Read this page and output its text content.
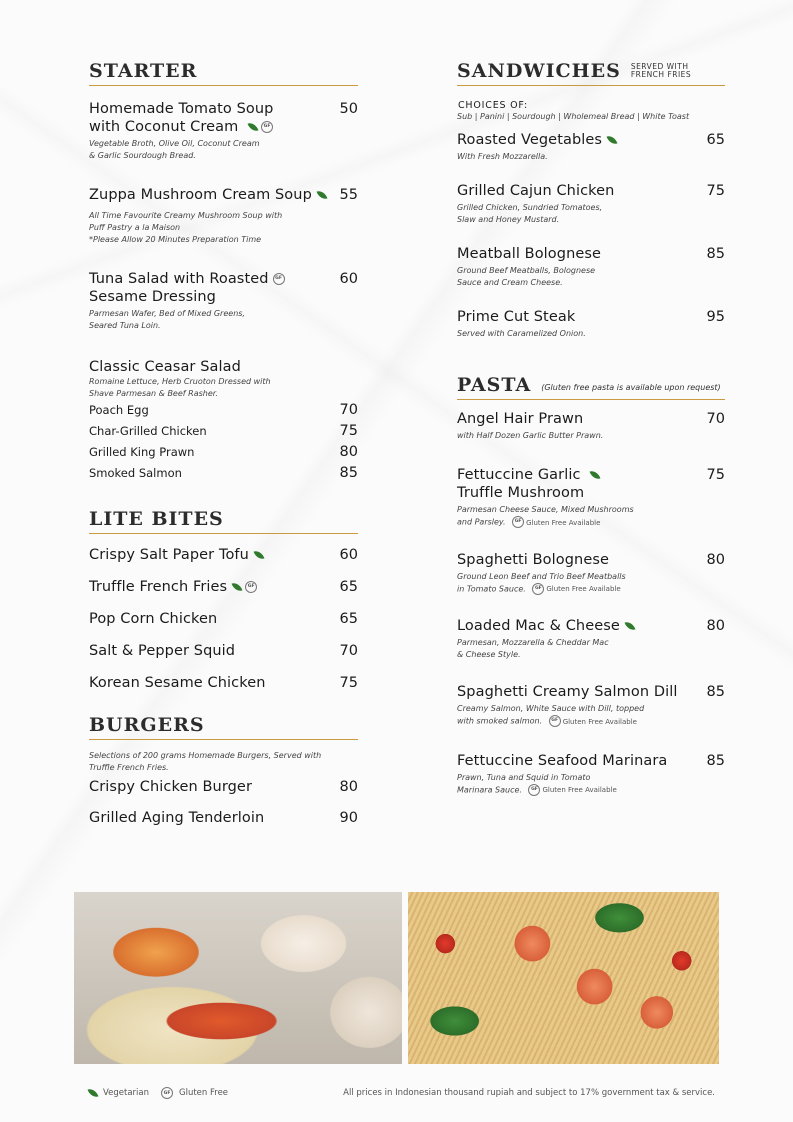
STARTER
Homemade Tomato Soup
with Coconut Cream	GF
50
Vegetable Broth, Olive Oil, Coconut Cream
& Garlic Sourdough Bread.
Zuppa Mushroom Cream Soup	55
All Time Favourite Creamy Mushroom Soup with
Puff Pastry a la Maison
*Please Allow 20 Minutes Preparation Time
Tuna Salad with Roasted GF
Sesame Dressing
60
Parmesan Wafer, Bed of Mixed Greens,
Seared Tuna Loin.
Classic Ceasar Salad
Romaine Lettuce, Herb Cruoton Dressed with
Shave Parmesan & Beef Rasher.
Poach Egg	70
Char-Grilled Chicken	75
Grilled King Prawn	80
Smoked Salmon	85
LITE BITES
Crispy Salt Paper Tofu	60
Truffle French Fries	GF	65
Pop Corn Chicken	65
Salt & Pepper Squid	70
Korean Sesame Chicken	75
BURGERS
Selections of 200 grams Homemade Burgers, Served with
Truffle French Fries.
Crispy Chicken Burger	80
Grilled Aging Tenderloin	90
SANDWICHES SERVED WITH
FRENCH FRIES
CHOICES OF:
Sub | Panini | Sourdough | Wholemeal Bread | White Toast
Roasted Vegetables	65
With Fresh Mozzarella.
Grilled Cajun Chicken	75
Grilled Chicken, Sundried Tomatoes,
Slaw and Honey Mustard.
Meatball Bolognese	85
Ground Beef Meatballs, Bolognese
Sauce and Cream Cheese.
Prime Cut Steak	95
Served with Caramelized Onion.
PASTA (Gluten free pasta is available upon request)
Angel Hair Prawn	70
with Half Dozen Garlic Butter Prawn.
Fettuccine Garlic
Truffle Mushroom
75
Parmesan Cheese Sauce, Mixed Mushrooms
and Parsley. GF Gluten Free Available
Spaghetti Bolognese	80
Ground Leon Beef and Trio Beef Meatballs
in Tomato Sauce. GF Gluten Free Available
Loaded Mac & Cheese	80
Parmesan, Mozzarella & Cheddar Mac
& Cheese Style.
Spaghetti Creamy Salmon Dill 85
Creamy Salmon, White Sauce with Dill, topped
with smoked salmon. GF Gluten Free Available
Fettuccine Seafood Marinara	85
Prawn, Tuna and Squid in Tomato
Marinara Sauce. GF Gluten Free Available
Vegetarian	GF	Gluten Free	All prices in Indonesian thousand rupiah and subject to 17% government tax & service.
